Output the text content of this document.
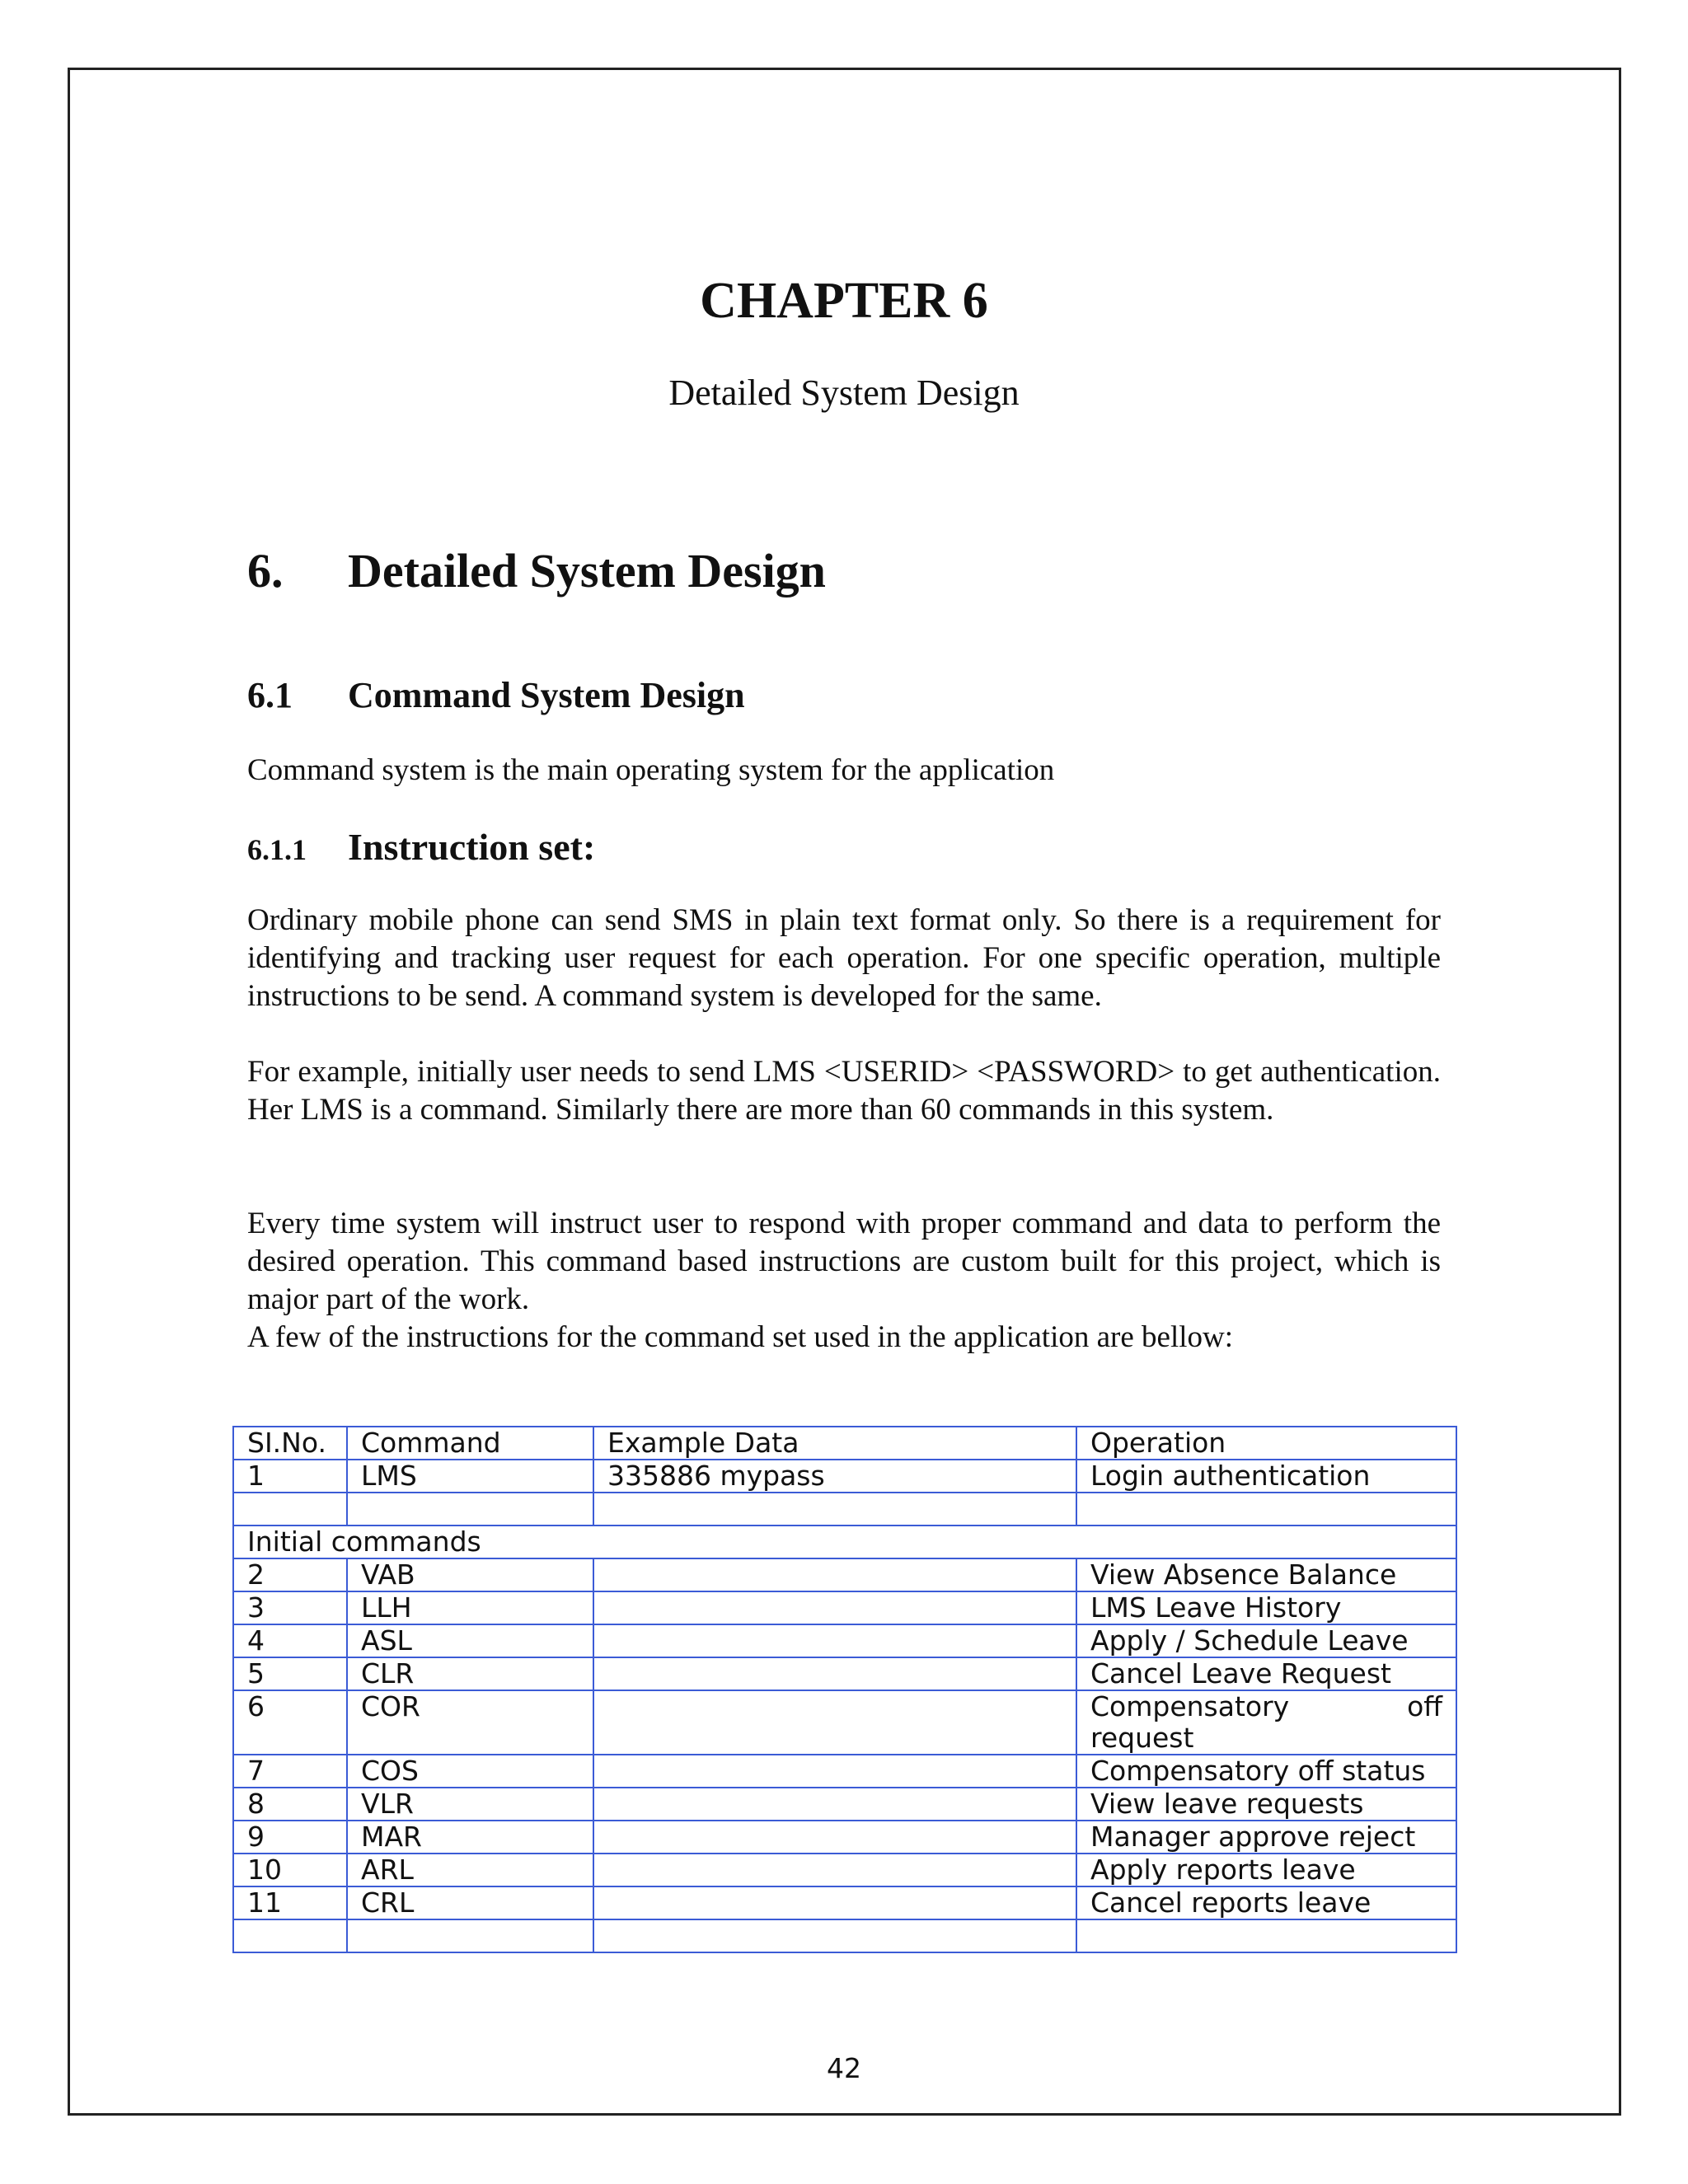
CHAPTER 6
Detailed System Design
6. Detailed System Design
6.1 Command System Design

Command system is the main operating system for the application

6.1.1 Instruction set:

Ordinary mobile phone can send SMS in plain text format only. So there is a requirement for identifying and tracking user request for each operation. For one specific operation, multiple instructions to be send. A command system is developed for the same.

For example, initially user needs to send LMS <USERID> <PASSWORD> to get authentication. Her LMS is a command. Similarly there are more than 60 commands in this system.

Every time system will instruct user to respond with proper command and data to perform the desired operation. This command based instructions are custom built for this project, which is major part of the work.

A few of the instructions for the command set used in the application are bellow:

SI.No.	Command	Example Data	Operation
1	LMS	335886 mypass	Login authentication

Initial commands			
2	VAB		View Absence Balance
3	LLH		LMS Leave History
4	ASL		Apply / Schedule Leave
5	CLR		Cancel Leave Request
6	COR		Compensatory off request
7	COS		Compensatory off status
8	VLR		View leave requests
9	MAR		Manager approve reject
10	ARL		Apply reports leave
11	CRL		Cancel reports leave

42
